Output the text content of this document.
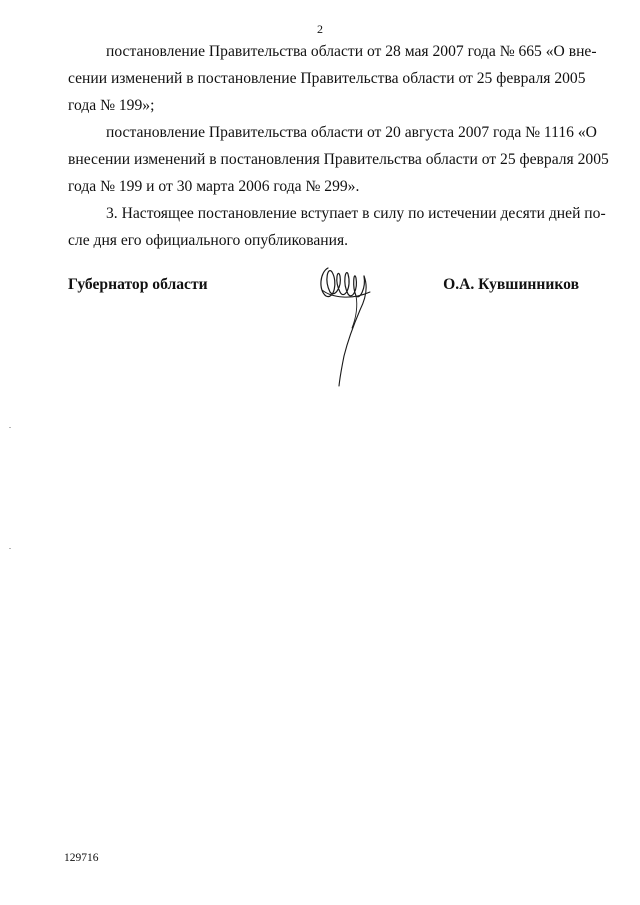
2
постановление Правительства области от 28 мая 2007 года № 665 «О вне-
сении изменений в постановление Правительства области от 25 февраля 2005
года № 199»;
постановление Правительства области от 20 августа 2007 года № 1116 «О
внесении изменений в постановления Правительства области от 25 февраля 2005
года № 199 и от 30 марта 2006 года № 299».
3. Настоящее постановление вступает в силу по истечении десяти дней по-
сле дня его официального опубликования.
Губернатор области	О.А. Кувшинников
129716
